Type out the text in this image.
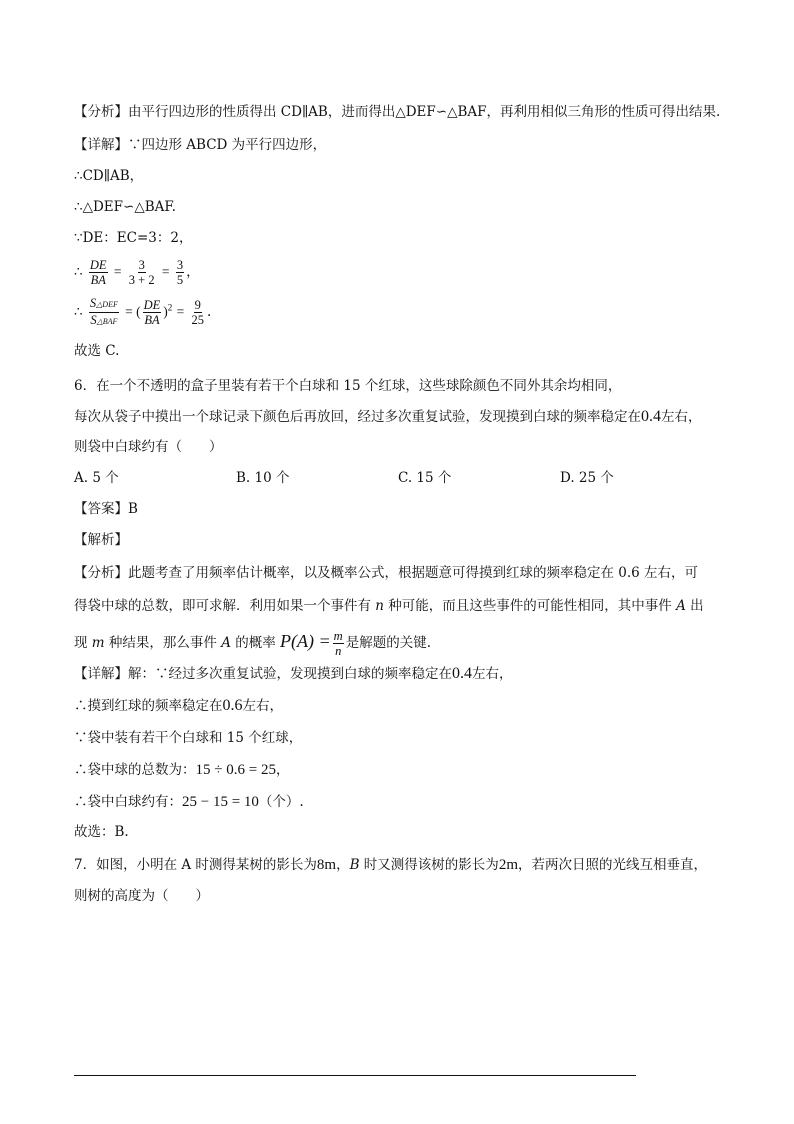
【分析】由平行四边形的性质得出 CD∥AB，进而得出△DEF∽△BAF，再利用相似三角形的性质可得出结果.
【详解】∵四边形 ABCD 为平行四边形，
∴CD∥AB，
∴△DEF∽△BAF.
∵DE：EC=3：2，
∴ $\frac{DE}{BA} = \frac{3}{3 + 2} = \frac{3}{5}$ ，
∴ $\frac{\text{S△DEF}}{\text{S△BAF}}$ = ( $\frac{DE}{BA} )^2 = \frac{9}{25}$ .
故选 C.
6．在一个不透明的盒子里装有若干个白球和 15 个红球，这些球除颜色不同外其余均相同，
每次从袋子中摸出一个球记录下颜色后再放回，经过多次重复试验，发现摸到白球的频率稳定在0.4左右，
则袋中白球约有（　　）
A. 5 个	B. 10 个	C. 15 个	D. 25 个
【答案】B
【解析】
【分析】此题考查了用频率估计概率，以及概率公式，根据题意可得摸到红球的频率稳定在 0.6 左右，可
得袋中球的总数，即可求解．利用如果一个事件有 n 种可能，而且这些事件的可能性相同，其中事件 A 出
现 m 种结果，那么事件 A 的概率 $P(A) = \frac{m}{n}$ 是解题的关键.
【详解】解：∵经过多次重复试验，发现摸到白球的频率稳定在0.4左右，
∴摸到红球的频率稳定在0.6左右，
∵袋中装有若干个白球和 15 个红球，
∴袋中球的总数为：15 ÷ 0.6 = 25，
∴袋中白球约有：25 − 15 = 10（个）.
故选：B.
7．如图，小明在 A 时测得某树的影长为8m，B 时又测得该树的影长为2m，若两次日照的光线互相垂直，
则树的高度为（　　）
